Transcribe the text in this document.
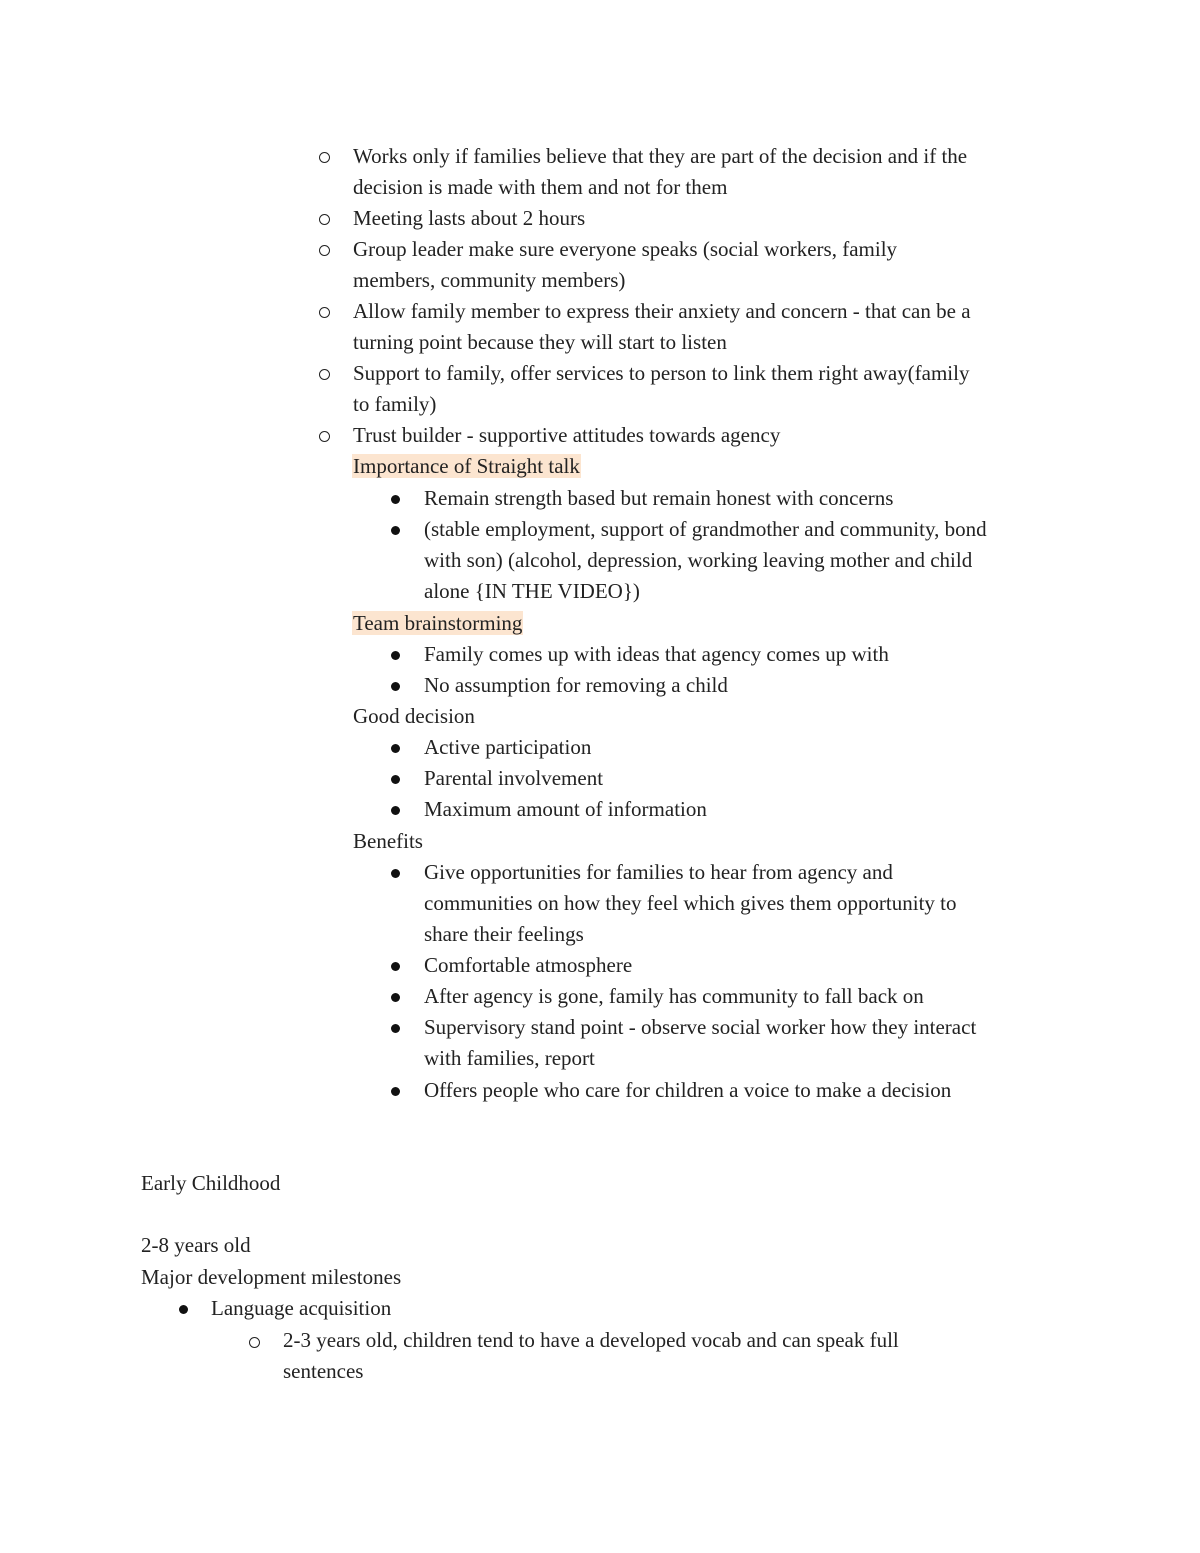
Works only if families believe that they are part of the decision and if the
decision is made with them and not for them
Meeting lasts about 2 hours
Group leader make sure everyone speaks (social workers, family
members, community members)
Allow family member to express their anxiety and concern - that can be a
turning point because they will start to listen
Support to family, offer services to person to link them right away(family
to family)
Trust builder - supportive attitudes towards agency
Importance of Straight talk
Remain strength based but remain honest with concerns
(stable employment, support of grandmother and community, bond
with son) (alcohol, depression, working leaving mother and child
alone {IN THE VIDEO})
Team brainstorming
Family comes up with ideas that agency comes up with
No assumption for removing a child
Good decision
Active participation
Parental involvement
Maximum amount of information
Benefits
Give opportunities for families to hear from agency and
communities on how they feel which gives them opportunity to
share their feelings
Comfortable atmosphere
After agency is gone, family has community to fall back on
Supervisory stand point - observe social worker how they interact
with families, report
Offers people who care for children a voice to make a decision
Early Childhood
2-8 years old
Major development milestones
Language acquisition
2-3 years old, children tend to have a developed vocab and can speak full
sentences
